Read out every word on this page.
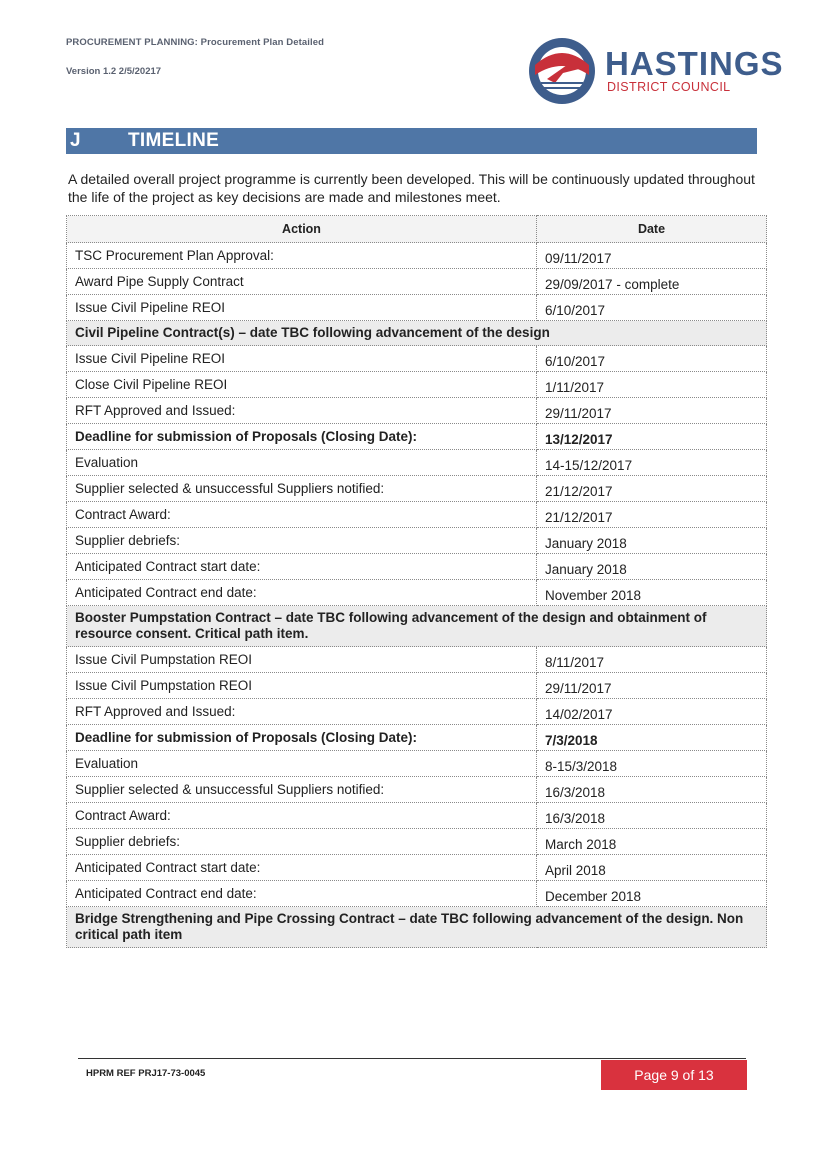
PROCUREMENT PLANNING: Procurement Plan Detailed
Version 1.2 2/5/20217	HASTINGS
DISTRICT COUNCIL
J TIMELINE
A detailed overall project programme is currently been developed. This will be continuously updated throughout the life of the project as key decisions are made and milestones meet.
Action	Date
TSC Procurement Plan Approval:	09/11/2017
Award Pipe Supply Contract	29/09/2017 - complete
Issue Civil Pipeline REOI	6/10/2017
Civil Pipeline Contract(s) – date TBC following advancement of the design	
Issue Civil Pipeline REOI	6/10/2017
Close Civil Pipeline REOI	1/11/2017
RFT Approved and Issued:	29/11/2017
Deadline for submission of Proposals (Closing Date):	13/12/2017
Evaluation	14-15/12/2017
Supplier selected & unsuccessful Suppliers notified:	21/12/2017
Contract Award:	21/12/2017
Supplier debriefs:	January 2018
Anticipated Contract start date:	January 2018
Anticipated Contract end date:	November 2018
Booster Pumpstation Contract – date TBC following advancement of the design and obtainment of resource consent. Critical path item.	
Issue Civil Pumpstation REOI	8/11/2017
Issue Civil Pumpstation REOI	29/11/2017
RFT Approved and Issued:	14/02/2017
Deadline for submission of Proposals (Closing Date):	7/3/2018
Evaluation	8-15/3/2018
Supplier selected & unsuccessful Suppliers notified:	16/3/2018
Contract Award:	16/3/2018
Supplier debriefs:	March 2018
Anticipated Contract start date:	April 2018
Anticipated Contract end date:	December 2018
Bridge Strengthening and Pipe Crossing Contract – date TBC following advancement of the design. Non critical path item	
HPRM REF PRJ17-73-0045	Page 9 of 13
